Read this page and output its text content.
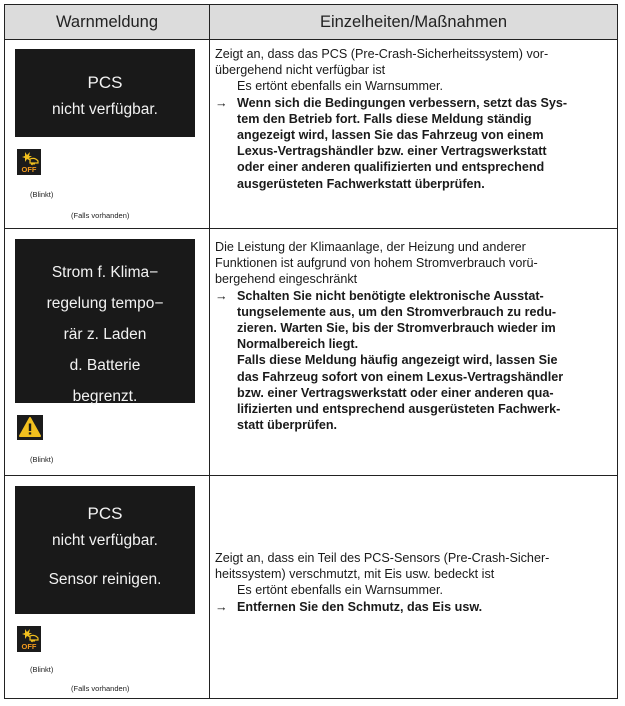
Warnmeldung	Einzelheiten/Maßnahmen
PCS
nicht verfügbar.
OFF
(Blinkt)
(Falls vorhanden)
Zeigt an, dass das PCS (Pre-Crash-Sicherheitssystem) vor-
übergehend nicht verfügbar ist
Es ertönt ebenfalls ein Warnsummer.
→ Wenn sich die Bedingungen verbessern, setzt das Sys-
tem den Betrieb fort. Falls diese Meldung ständig
angezeigt wird, lassen Sie das Fahrzeug von einem
Lexus-Vertragshändler bzw. einer Vertragswerkstatt
oder einer anderen qualifizierten und entsprechend
ausgerüsteten Fachwerkstatt überprüfen.
Strom f. Klima−
regelung tempo−
rär z. Laden
d. Batterie
begrenzt.
(Blinkt)
Die Leistung der Klimaanlage, der Heizung und anderer
Funktionen ist aufgrund von hohem Stromverbrauch vorü-
bergehend eingeschränkt
→ Schalten Sie nicht benötigte elektronische Ausstat-
tungselemente aus, um den Stromverbrauch zu redu-
zieren. Warten Sie, bis der Stromverbrauch wieder im
Normalbereich liegt.
Falls diese Meldung häufig angezeigt wird, lassen Sie
das Fahrzeug sofort von einem Lexus-Vertragshändler
bzw. einer Vertragswerkstatt oder einer anderen qua-
lifizierten und entsprechend ausgerüsteten Fachwerk-
statt überprüfen.
PCS
nicht verfügbar.
Sensor reinigen.
OFF
(Blinkt)
(Falls vorhanden)
Zeigt an, dass ein Teil des PCS-Sensors (Pre-Crash-Sicher-
heitssystem) verschmutzt, mit Eis usw. bedeckt ist
Es ertönt ebenfalls ein Warnsummer.
→ Entfernen Sie den Schmutz, das Eis usw.
